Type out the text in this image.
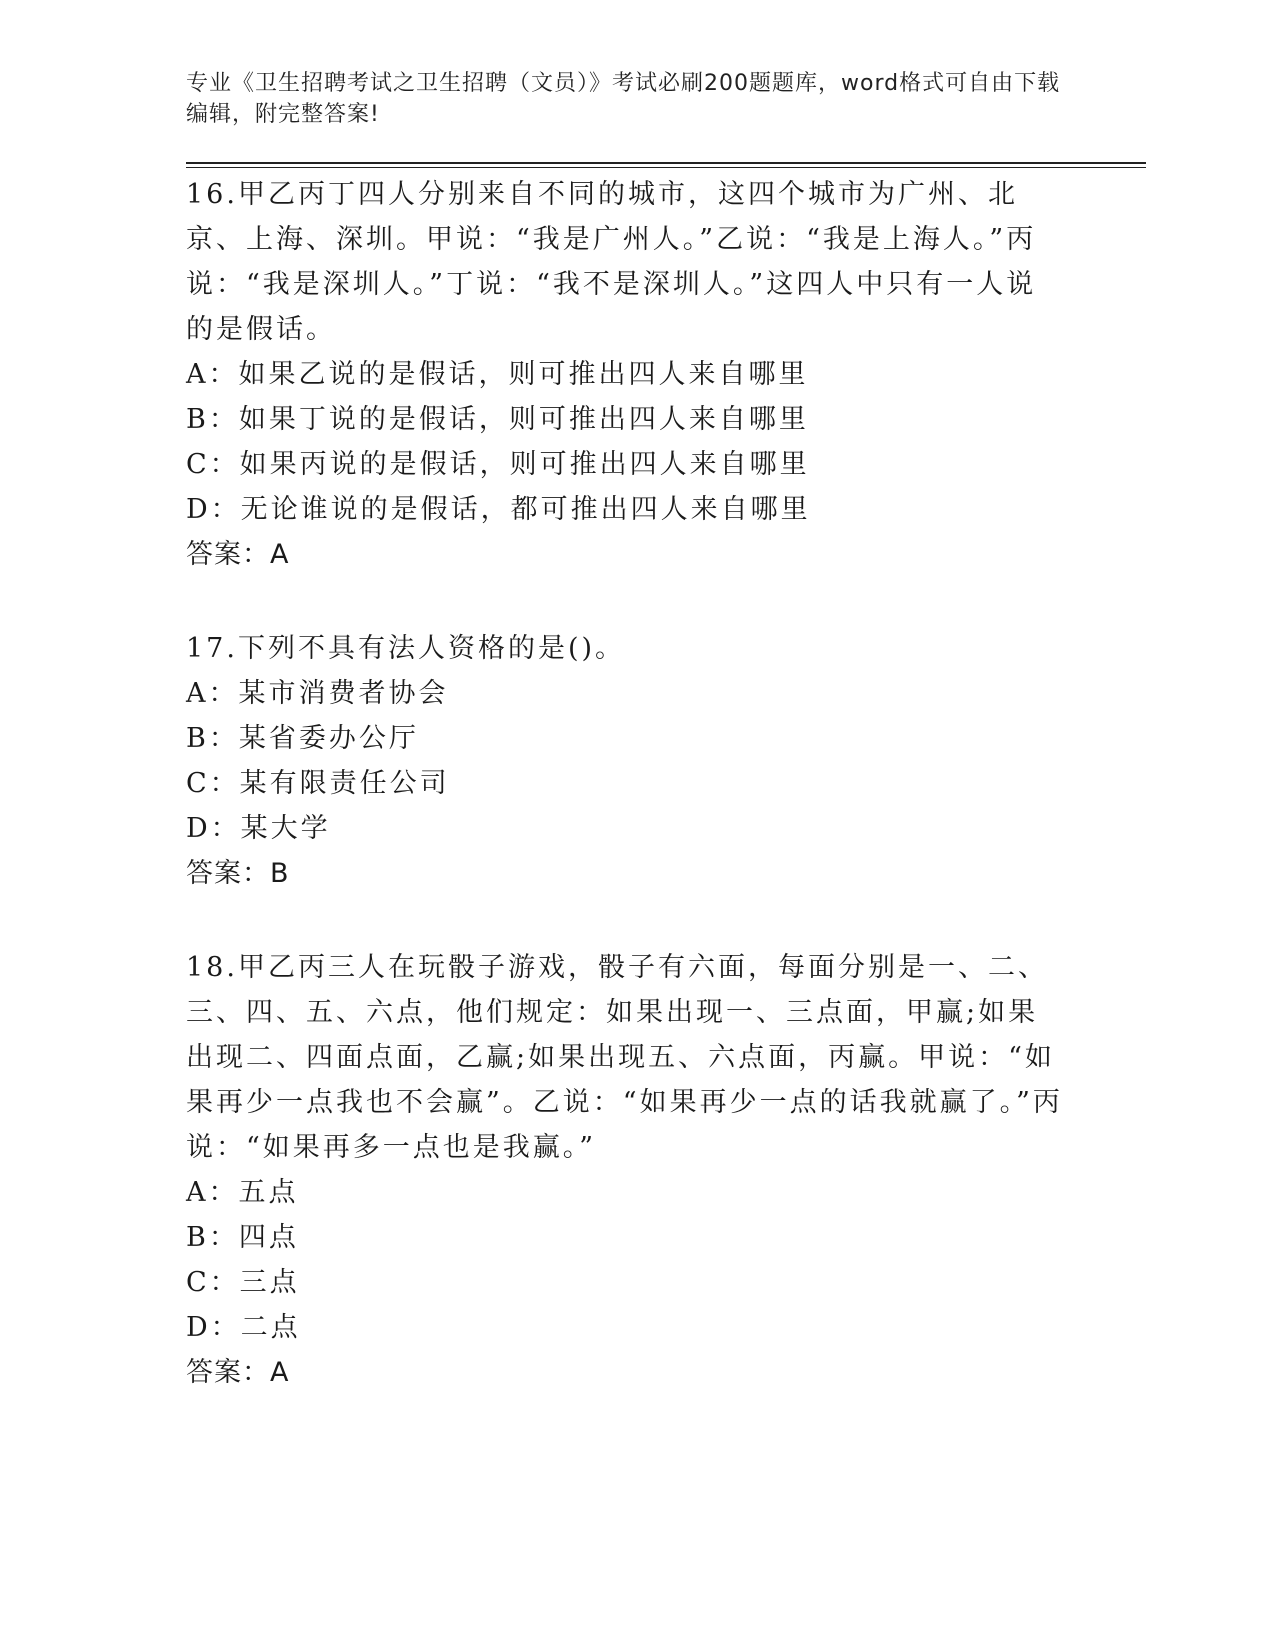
专业《卫生招聘考试之卫生招聘（文员）》考试必刷200题题库，word格式可自由下载编辑，附完整答案!

16.甲乙丙丁四人分别来自不同的城市，这四个城市为广州、北京、上海、深圳。甲说：“我是广州人。”乙说：“我是上海人。”丙说：“我是深圳人。”丁说：“我不是深圳人。”这四人中只有一人说的是假话。

A：如果乙说的是假话，则可推出四人来自哪里

B：如果丁说的是假话，则可推出四人来自哪里

C：如果丙说的是假话，则可推出四人来自哪里

D：无论谁说的是假话，都可推出四人来自哪里

答案：A

17.下列不具有法人资格的是()。

A：某市消费者协会

B：某省委办公厅

C：某有限责任公司

D：某大学

答案：B

18.甲乙丙三人在玩骰子游戏，骰子有六面，每面分别是一、二、三、四、五、六点，他们规定：如果出现一、三点面，甲赢;如果出现二、四面点面，乙赢;如果出现五、六点面，丙赢。甲说：“如果再少一点我也不会赢”。乙说：“如果再少一点的话我就赢了。”丙说：“如果再多一点也是我赢。”

A：五点

B：四点

C：三点

D：二点

答案：A
